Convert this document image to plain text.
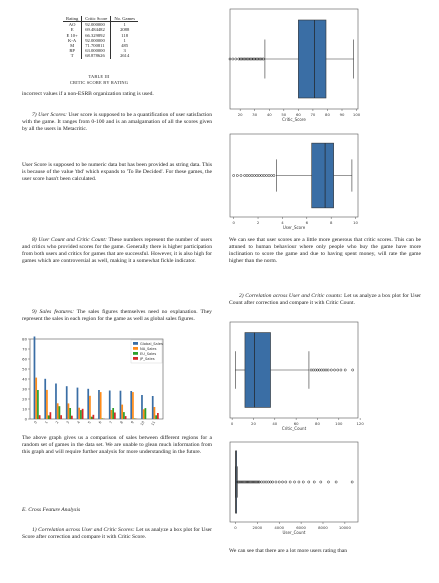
Rating	Critic Score	No. Games
AO	92.000000	1
E	69.484482	2088
E 10+	66.329892	118
K-A	92.000000	1
M	71.700811	485
RP	63.000000	3
T	68.878626	2614
TABLE III
CRITIC SCORE BY RATING
incorrect values if a non-ESRB organization rating is used.
7) User Scores: User score is supposed to be a quantification of user satisfaction with the game. It ranges from 0-100 and is an amalgamation of all the scores given by all the users in Metacritic.
User Score is supposed to be numeric data but has been provided as string data. This is because of the value 'tbd' which expands to 'To Be Decided'. For these games, the user score hasn't been calculated.
8) User Count and Critic Count: These numbers represent the number of users and critics who provided scores for the game. Generally there is higher participation from both users and critics for games that are successful. However, it is also high for games which are controversial as well, making it a somewhat fickle indicator.
9) Sales features: The sales figures themselves need no explanation. They represent the sales in each region for the game as well as global sales figures.
0
10
20
30
40
50
60
70
80
0 1 2 3 4 5 6 7 8 9 10 11
Global_Sales
NA_Sales
EU_Sales
JP_Sales
The above graph gives us a comparison of sales between different regions for a random set of games in the data set. We are unable to glean much information from this graph and will require further analysis for more understanding in the future.
E. Cross Feature Analysis
1) Correlation across User and Critic Scores: Let us analyze a box plot for User Score after correction and compare it with Critic Score.
20	30	40	50	60	70	80	90 100
Critic_Score
0	2	4	6	8	10
User_Score
We can see that user scores are a little more generous that critic scores. This can be attuned to human behaviour where only people who buy the game have more inclination to score the game and due to having spent money, will rate the game higher than the norm.
2) Correlation across User and Critic counts: Let us analyze a box plot for User Count after correction and compare it with Critic Count.
0	20	40	60	80	100	120
Critic_Count
0	2000	4000	6000	8000	10000
User_Count
We can see that there are a lot more users rating than
